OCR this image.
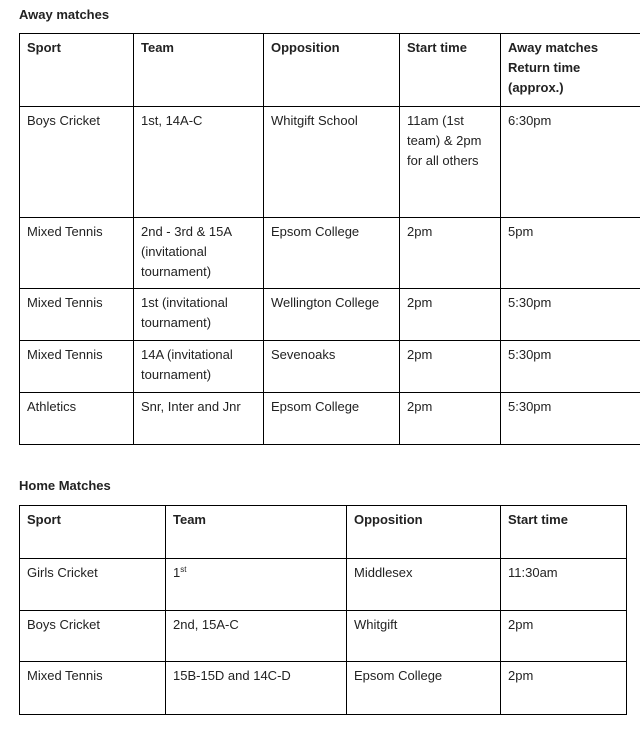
Away matches
Sport	Team	Opposition	Start time	Away matches Return time (approx.)
Boys Cricket	1st, 14A-C	Whitgift School	11am (1st team) & 2pm for all others	6:30pm
Mixed Tennis	2nd - 3rd & 15A (invitational tournament)	Epsom College	2pm	5pm
Mixed Tennis	1st (invitational tournament)	Wellington College	2pm	5:30pm
Mixed Tennis	14A (invitational tournament)	Sevenoaks	2pm	5:30pm
Athletics	Snr, Inter and Jnr	Epsom College	2pm	5:30pm
Home Matches
Sport	Team	Opposition	Start time
Girls Cricket	1st	Middlesex	11:30am
Boys Cricket	2nd, 15A-C	Whitgift	2pm
Mixed Tennis	15B-15D and 14C-D	Epsom College	2pm
